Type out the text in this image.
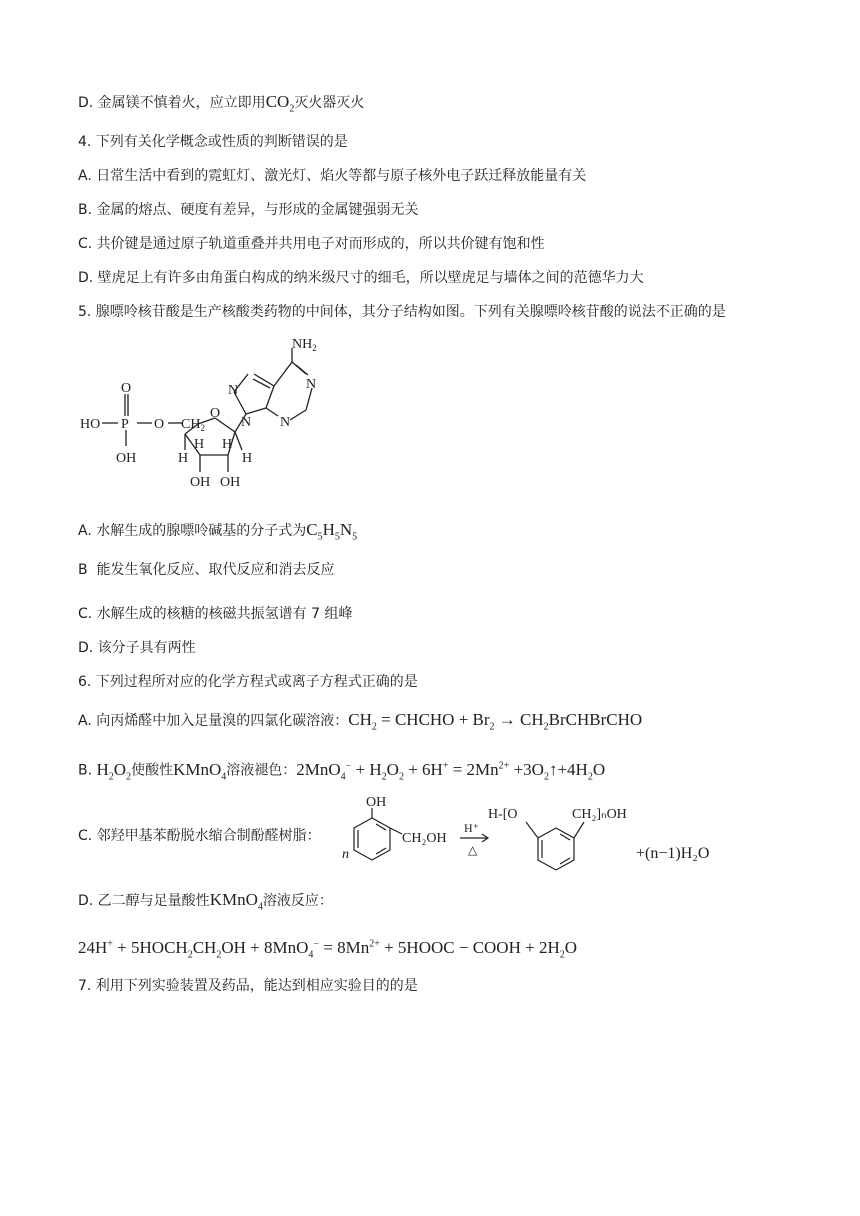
D. 金属镁不慎着火，应立即用$CO_2$灭火器灭火
4. 下列有关化学概念或性质的判断错误的是
A. 日常生活中看到的霓虹灯、激光灯、焰火等都与原子核外电子跃迁释放能量有关
B. 金属的熔点、硬度有差异，与形成的金属键强弱无关
C. 共价键是通过原子轨道重叠并共用电子对而形成的，所以共价键有饱和性
D. 壁虎足上有许多由角蛋白构成的纳米级尺寸的细毛，所以壁虎足与墙体之间的范德华力大
5. 腺嘌呤核苷酸是生产核酸类药物的中间体，其分子结构如图。下列有关腺嘌呤核苷酸的说法不正确的是
$NH_2$
HO P
O
O
OH
$CH_2$
O
H
H H
H
OH OH
N
N	N
N
A. 水解生成的腺嘌呤碱基的分子式为$C_5H_5N_5$
B 能发生氧化反应、取代反应和消去反应
C. 水解生成的核糖的核磁共振氢谱有 7 组峰
D. 该分子具有两性
6. 下列过程所对应的化学方程式或离子方程式正确的是
A. 向丙烯醛中加入足量溴的四氯化碳溶液：$CH_2$ = CHCHO + $Br_2$ → $CH_2BrCHBrCHO$
B. $H_2O_2$使酸性KMnO$_4$溶液褪色：$2MnO_4^- + H_2O_2 + 6H^+ = 2Mn^{2+}$ $+3O_2↑+4H_2O$
C. 邻羟甲基苯酚脱水缩合制酚醛树脂：
OH
CH₂OH
n
H⁺
△
H-[O	CH₂]ₙOH
+(n−1)H₂O
D. 乙二醇与足量酸性KMnO$_4$溶液反应：
$24H^+ + 5HOCH_2CH_2OH + 8MnO_4^- = 8Mn^{2+}$ + 5HOOC − COOH + $2H_2O$
7. 利用下列实验装置及药品，能达到相应实验目的的是
